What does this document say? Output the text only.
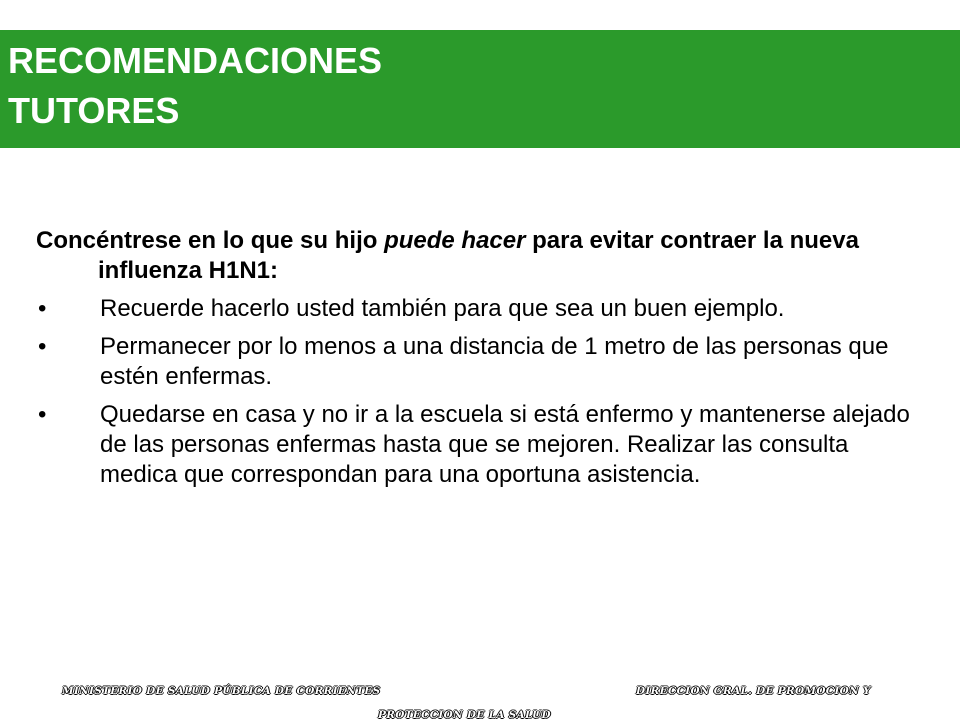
RECOMENDACIONES
TUTORES

Concéntrese en lo que su hijo puede hacer para evitar contraer la nueva influenza H1N1:

• Recuerde hacerlo usted también para que sea un buen ejemplo.
• Permanecer por lo menos a una distancia de 1 metro de las personas que estén enfermas.
• Quedarse en casa y no ir a la escuela si está enfermo y mantenerse alejado de las personas enfermas hasta que se mejoren. Realizar las consulta medica que correspondan para una oportuna asistencia.
MINISTERIO DE SALUD PÚBLICA DE CORRIENTES	DIRECCION GRAL. DE PROMOCION Y
PROTECCION DE LA SALUD
